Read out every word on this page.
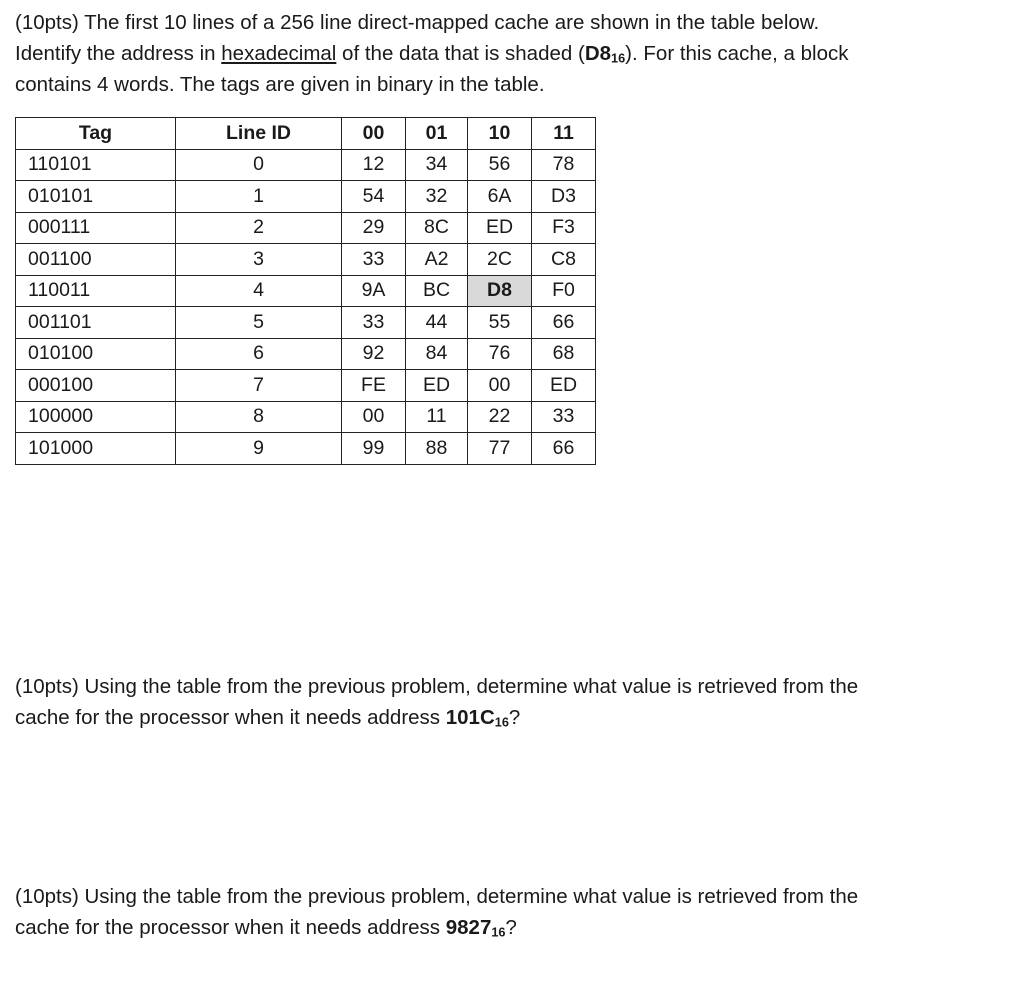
(10pts) The first 10 lines of a 256 line direct-mapped cache are shown in the table below.
Identify the address in hexadecimal of the data that is shaded $(D8_{16})$. For this cache, a block
contains 4 words. The tags are given in binary in the table.

Tag	Line ID	00	01	10	11
110101	0	12	34	56	78
010101	1	54	32	6A	D3
000111	2	29	8C	ED	F3
001100	3	33	A2	2C	C8
110011	4	9A	BC	D8	F0
001101	5	33	44	55	66
010100	6	92	84	76	68
000100	7	FE	ED	00	ED
100000	8	00	11	22	33
101000	9	99	88	77	66

(10pts) Using the table from the previous problem, determine what value is retrieved from the
cache for the processor when it needs address $101C_{16}$?

(10pts) Using the table from the previous problem, determine what value is retrieved from the
cache for the processor when it needs address $9827_{16}$?
